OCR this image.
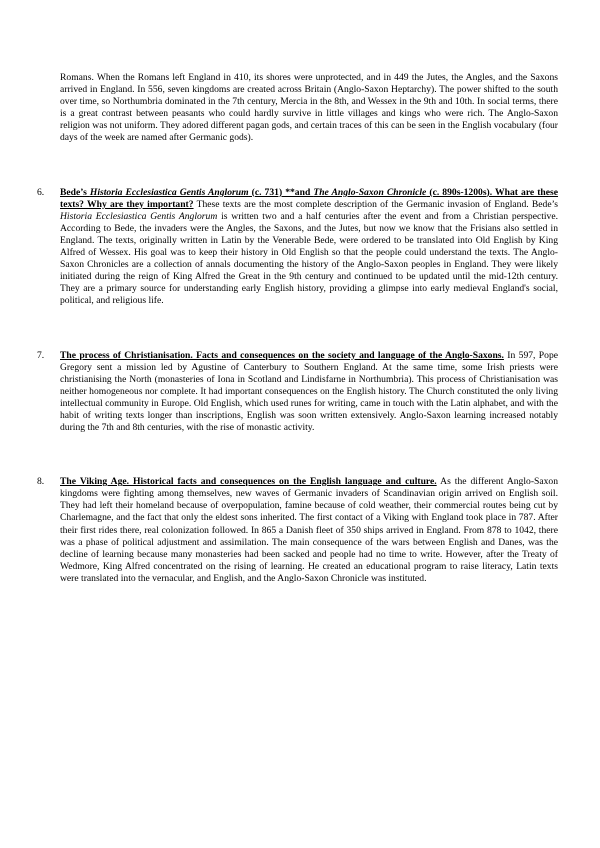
Romans. When the Romans left England in 410, its shores were unprotected, and in 449 the Jutes, the Angles, and the Saxons arrived in England. In 556, seven kingdoms are created across Britain (Anglo-Saxon Heptarchy). The power shifted to the south over time, so Northumbria dominated in the 7th century, Mercia in the 8th, and Wessex in the 9th and 10th. In social terms, there is a great contrast between peasants who could hardly survive in little villages and kings who were rich. The Anglo-Saxon religion was not uniform. They adored different pagan gods, and certain traces of this can be seen in the English vocabulary (four days of the week are named after Germanic gods).

6. Bede’s Historia Ecclesiastica Gentis Anglorum (c. 731) **and The Anglo-Saxon Chronicle (c. 890s-1200s). What are these texts? Why are they important? These texts are the most complete description of the Germanic invasion of England. Bede’s Historia Ecclesiastica Gentis Anglorum is written two and a half centuries after the event and from a Christian perspective. According to Bede, the invaders were the Angles, the Saxons, and the Jutes, but now we know that the Frisians also settled in England. The texts, originally written in Latin by the Venerable Bede, were ordered to be translated into Old English by King Alfred of Wessex. His goal was to keep their history in Old English so that the people could understand the texts. The Anglo-Saxon Chronicles are a collection of annals documenting the history of the Anglo-Saxon peoples in England. They were likely initiated during the reign of King Alfred the Great in the 9th century and continued to be updated until the mid-12th century. They are a primary source for understanding early English history, providing a glimpse into early medieval England's social, political, and religious life.

7. The process of Christianisation. Facts and consequences on the society and language of the Anglo-Saxons. In 597, Pope Gregory sent a mission led by Agustine of Canterbury to Southern England. At the same time, some Irish priests were christianising the North (monasteries of Iona in Scotland and Lindisfarne in Northumbria). This process of Christianisation was neither homogeneous nor complete. It had important consequences on the English history. The Church constituted the only living intellectual community in Europe. Old English, which used runes for writing, came in touch with the Latin alphabet, and with the habit of writing texts longer than inscriptions, English was soon written extensively. Anglo-Saxon learning increased notably during the 7th and 8th centuries, with the rise of monastic activity.

8. The Viking Age. Historical facts and consequences on the English language and culture. As the different Anglo-Saxon kingdoms were fighting among themselves, new waves of Germanic invaders of Scandinavian origin arrived on English soil. They had left their homeland because of overpopulation, famine because of cold weather, their commercial routes being cut by Charlemagne, and the fact that only the eldest sons inherited. The first contact of a Viking with England took place in 787. After their first rides there, real colonization followed. In 865 a Danish fleet of 350 ships arrived in England. From 878 to 1042, there was a phase of political adjustment and assimilation. The main consequence of the wars between English and Danes, was the decline of learning because many monasteries had been sacked and people had no time to write. However, after the Treaty of Wedmore, King Alfred concentrated on the rising of learning. He created an educational program to raise literacy, Latin texts were translated into the vernacular, and English, and the Anglo-Saxon Chronicle was instituted.
